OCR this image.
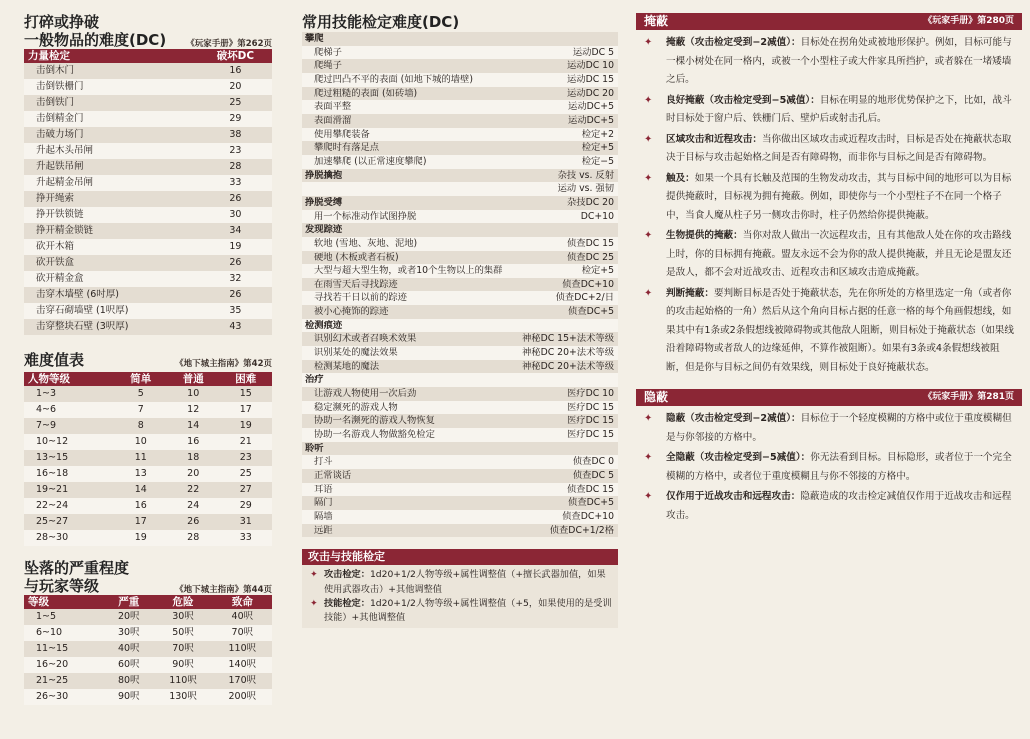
打碎或挣破
一般物品的难度(DC) 《玩家手册》第262页
力量检定	破坏DC
击倒木门	16
击倒铁栅门	20
击倒铁门	25
击倒精金门	29
击破力场门	38
升起木头吊闸	23
升起铁吊闸	28
升起精金吊闸	33
挣开绳索	26
挣开铁锁链	30
挣开精金锁链	34
砍开木箱	19
砍开铁盒	26
砍开精金盒	32
击穿木墙壁 (6吋厚)	26
击穿石砌墙壁 (1呎厚)	35
击穿整块石壁 (3呎厚)	43
难度值表	《地下城主指南》第42页
人物等级	简单	普通	困难
1~3	5	10	15
4~6	7	12	17
7~9	8	14	19
10~12	10	16	21
13~15	11	18	23
16~18	13	20	25
19~21	14	22	27
22~24	16	24	29
25~27	17	26	31
28~30	19	28	33
坠落的严重程度
与玩家等级	《地下城主指南》第44页
等级	严重	危险	致命
1~5	20呎	30呎	40呎
6~10	30呎	50呎	70呎
11~15	40呎	70呎	110呎
16~20	60呎	90呎	140呎
21~25	80呎	110呎	170呎
26~30	90呎	130呎	200呎
常用技能检定难度(DC)
攀爬	
爬梯子	运动DC 5
爬绳子	运动DC 10
爬过凹凸不平的表面 (如地下城的墙壁)	运动DC 15
爬过粗糙的表面 (如砖墙)	运动DC 20
表面平整	运动DC+5
表面滑溜	运动DC+5
使用攀爬装备	检定+2
攀爬时有落足点	检定+5
加速攀爬 (以正常速度攀爬)	检定−5
挣脱擒抱	杂技 vs. 反射
	运动 vs. 强韧
挣脱受缚	杂技DC 20
用一个标准动作试图挣脱	DC+10
发现踪迹	
软地 (雪地、灰地、泥地)	侦查DC 15
硬地 (木板或者石板)	侦查DC 25
大型与超大型生物，或者10个生物以上的集群	检定+5
在雨雪天后寻找踪迹	侦查DC+10
寻找若干日以前的踪迹	侦查DC+2/日
被小心掩饰的踪迹	侦查DC+5
检测痕迹	
识别幻术或者召唤术效果	神秘DC 15+法术等级
识别某处的魔法效果	神秘DC 20+法术等级
检测某地的魔法	神秘DC 20+法术等级
治疗	
让游戏人物使用一次后劲	医疗DC 10
稳定濒死的游戏人物	医疗DC 15
协助一名濒死的游戏人物恢复	医疗DC 15
协助一名游戏人物做豁免检定	医疗DC 15
聆听	
打斗	侦查DC 0
正常谈话	侦查DC 5
耳语	侦查DC 15
隔门	侦查DC+5
隔墙	侦查DC+10
远距	侦查DC+1/2格
攻击与技能检定
✦ 攻击检定：1d20+1/2人物等级+属性调整值（+擅长武器加值，如果使用武器攻击）+其他调整值
✦ 技能检定：1d20+1/2人物等级+属性调整值（+5，如果使用的是受训技能）+其他调整值
掩蔽	《玩家手册》第280页
✦	掩蔽（攻击检定受到−2减值）：目标处在拐角处或被地形保护。例如，目标可能与一棵小树处在同一格内，或被一个小型柱子或大件家具所挡护，或者躲在一堵矮墙之后。
✦	良好掩蔽（攻击检定受到−5减值）：目标在明显的地形优势保护之下，比如，战斗时目标处于窗户后、铁栅门后、壁炉后或射击孔后。
✦	区域攻击和近程攻击：当你做出区域攻击或近程攻击时，目标是否处在掩蔽状态取决于目标与攻击起始格之间是否有障碍物，而非你与目标之间是否有障碍物。
✦	触及：如果一个具有长触及范围的生物发动攻击，其与目标中间的地形可以为目标提供掩蔽时，目标视为拥有掩蔽。例如，即使你与一个小型柱子不在同一个格子中，当食人魔从柱子另一侧攻击你时，柱子仍然给你提供掩蔽。
✦	生物提供的掩蔽：当你对敌人做出一次远程攻击，且有其他敌人处在你的攻击路线上时，你的目标拥有掩蔽。盟友永远不会为你的敌人提供掩蔽，并且无论是盟友还是敌人，都不会对近战攻击、近程攻击和区域攻击造成掩蔽。
✦	判断掩蔽：要判断目标是否处于掩蔽状态，先在你所处的方格里选定一角（或者你的攻击起始格的一角）然后从这个角向目标占据的任意一格的每个角画假想线，如果其中有1条或2条假想线被障碍物或其他敌人阻断，则目标处于掩蔽状态（如果线沿着障碍物或者敌人的边缘延伸，不算作被阻断）。如果有3条或4条假想线被阻断，但是你与目标之间仍有效果线，则目标处于良好掩蔽状态。
隐蔽	《玩家手册》第281页
✦	隐蔽（攻击检定受到−2减值）：目标位于一个轻度模糊的方格中或位于重度模糊但是与你邻接的方格中。
✦	全隐蔽（攻击检定受到−5减值）：你无法看到目标。目标隐形，或者位于一个完全模糊的方格中，或者位于重度模糊且与你不邻接的方格中。
✦	仅作用于近战攻击和远程攻击：隐蔽造成的攻击检定减值仅作用于近战攻击和远程攻击。
